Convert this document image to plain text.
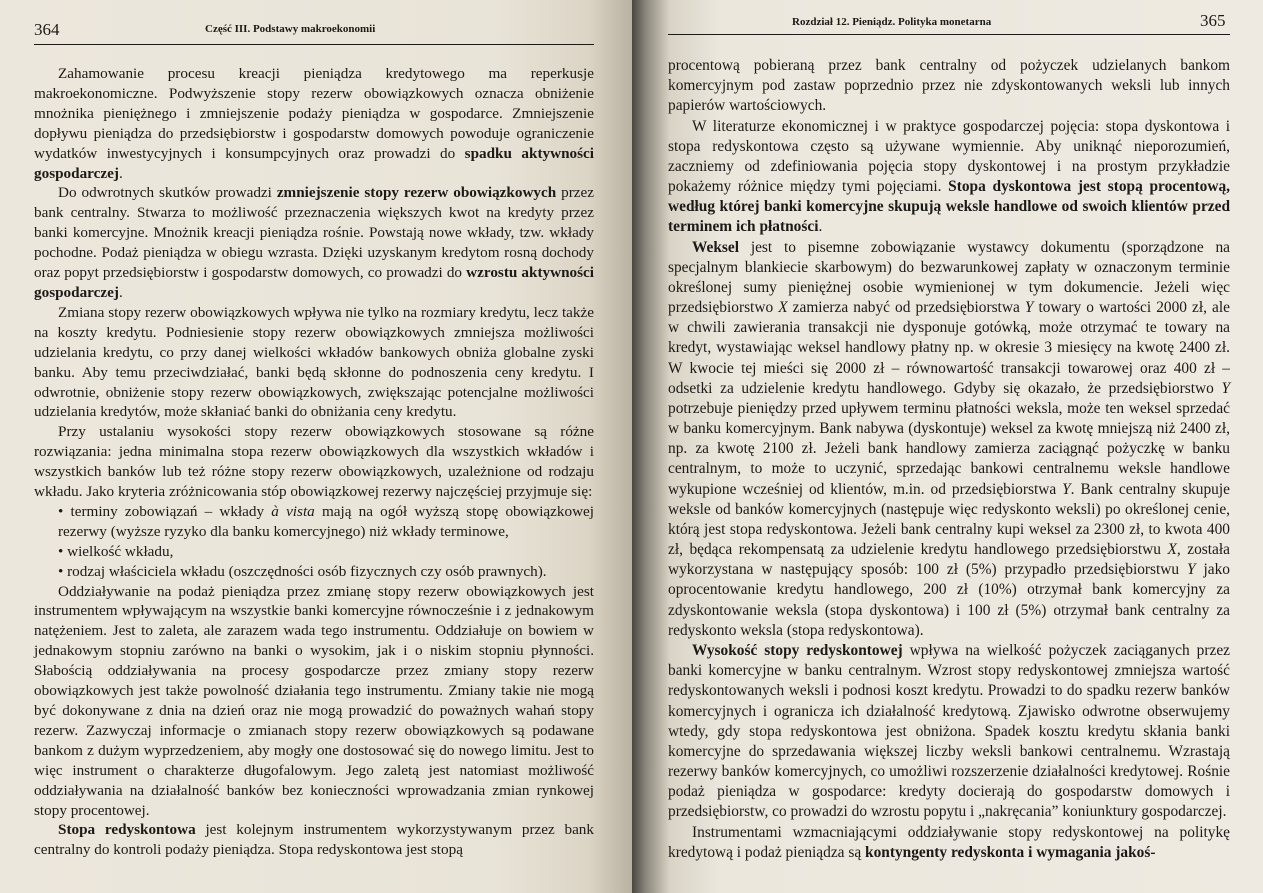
364	Część III. Podstawy makroekonomii

Zahamowanie procesu kreacji pieniądza kredytowego ma reperkusje makroekonomiczne. Podwyższenie stopy rezerw obowiązkowych oznacza obniżenie mnożnika pieniężnego i zmniejszenie podaży pieniądza w gospodarce. Zmniejszenie dopływu pieniądza do przedsiębiorstw i gospodarstw domowych powoduje ograniczenie wydatków inwestycyjnych i konsumpcyjnych oraz prowadzi do spadku aktywności gospodarczej.

Do odwrotnych skutków prowadzi zmniejszenie stopy rezerw obowiązkowych przez bank centralny. Stwarza to możliwość przeznaczenia większych kwot na kredyty przez banki komercyjne. Mnożnik kreacji pieniądza rośnie. Powstają nowe wkłady, tzw. wkłady pochodne. Podaż pieniądza w obiegu wzrasta. Dzięki uzyskanym kredytom rosną dochody oraz popyt przedsiębiorstw i gospodarstw domowych, co prowadzi do wzrostu aktywności gospodarczej.

Zmiana stopy rezerw obowiązkowych wpływa nie tylko na rozmiary kredytu, lecz także na koszty kredytu. Podniesienie stopy rezerw obowiązkowych zmniejsza możliwości udzielania kredytu, co przy danej wielkości wkładów bankowych obniża globalne zyski banku. Aby temu przeciwdziałać, banki będą skłonne do podnoszenia ceny kredytu. I odwrotnie, obniżenie stopy rezerw obowiązkowych, zwiększając potencjalne możliwości udzielania kredytów, może skłaniać banki do obniżania ceny kredytu.

Przy ustalaniu wysokości stopy rezerw obowiązkowych stosowane są różne rozwiązania: jedna minimalna stopa rezerw obowiązkowych dla wszystkich wkładów i wszystkich banków lub też różne stopy rezerw obowiązkowych, uzależnione od rodzaju wkładu. Jako kryteria zróżnicowania stóp obowiązkowej rezerwy najczęściej przyjmuje się:

• terminy zobowiązań – wkłady à vista mają na ogół wyższą stopę obowiązkowej rezerwy (wyższe ryzyko dla banku komercyjnego) niż wkłady terminowe,

• wielkość wkładu,

• rodzaj właściciela wkładu (oszczędności osób fizycznych czy osób prawnych).

Oddziaływanie na podaż pieniądza przez zmianę stopy rezerw obowiązkowych jest instrumentem wpływającym na wszystkie banki komercyjne równocześnie i z jednakowym natężeniem. Jest to zaleta, ale zarazem wada tego instrumentu. Oddziałuje on bowiem w jednakowym stopniu zarówno na banki o wysokim, jak i o niskim stopniu płynności. Słabością oddziaływania na procesy gospodarcze przez zmiany stopy rezerw obowiązkowych jest także powolność działania tego instrumentu. Zmiany takie nie mogą być dokonywane z dnia na dzień oraz nie mogą prowadzić do poważnych wahań stopy rezerw. Zazwyczaj informacje o zmianach stopy rezerw obowiązkowych są podawane bankom z dużym wyprzedzeniem, aby mogły one dostosować się do nowego limitu. Jest to więc instrument o charakterze długofalowym. Jego zaletą jest natomiast możliwość oddziaływania na działalność banków bez konieczności wprowadzania zmian rynkowej stopy procentowej.

Stopa redyskontowa jest kolejnym instrumentem wykorzystywanym przez bank centralny do kontroli podaży pieniądza. Stopa redyskontowa jest stopą

Rozdział 12. Pieniądz. Polityka monetarna	365

procentową pobieraną przez bank centralny od pożyczek udzielanych bankom komercyjnym pod zastaw poprzednio przez nie zdyskontowanych weksli lub innych papierów wartościowych.

W literaturze ekonomicznej i w praktyce gospodarczej pojęcia: stopa dyskontowa i stopa redyskontowa często są używane wymiennie. Aby uniknąć nieporozumień, zaczniemy od zdefiniowania pojęcia stopy dyskontowej i na prostym przykładzie pokażemy różnice między tymi pojęciami. Stopa dyskontowa jest stopą procentową, według której banki komercyjne skupują weksle handlowe od swoich klientów przed terminem ich płatności.

Weksel jest to pisemne zobowiązanie wystawcy dokumentu (sporządzone na specjalnym blankiecie skarbowym) do bezwarunkowej zapłaty w oznaczonym terminie określonej sumy pieniężnej osobie wymienionej w tym dokumencie. Jeżeli więc przedsiębiorstwo X zamierza nabyć od przedsiębiorstwa Y towary o wartości 2000 zł, ale w chwili zawierania transakcji nie dysponuje gotówką, może otrzymać te towary na kredyt, wystawiając weksel handlowy płatny np. w okresie 3 miesięcy na kwotę 2400 zł. W kwocie tej mieści się 2000 zł – równowartość transakcji towarowej oraz 400 zł – odsetki za udzielenie kredytu handlowego. Gdyby się okazało, że przedsiębiorstwo Y potrzebuje pieniędzy przed upływem terminu płatności weksla, może ten weksel sprzedać w banku komercyjnym. Bank nabywa (dyskontuje) weksel za kwotę mniejszą niż 2400 zł, np. za kwotę 2100 zł. Jeżeli bank handlowy zamierza zaciągnąć pożyczkę w banku centralnym, to może to uczynić, sprzedając bankowi centralnemu weksle handlowe wykupione wcześniej od klientów, m.in. od przedsiębiorstwa Y. Bank centralny skupuje weksle od banków komercyjnych (następuje więc redyskonto weksli) po określonej cenie, którą jest stopa redyskontowa. Jeżeli bank centralny kupi weksel za 2300 zł, to kwota 400 zł, będąca rekompensatą za udzielenie kredytu handlowego przedsiębiorstwu X, została wykorzystana w następujący sposób: 100 zł (5%) przypadło przedsiębiorstwu Y jako oprocentowanie kredytu handlowego, 200 zł (10%) otrzymał bank komercyjny za zdyskontowanie weksla (stopa dyskontowa) i 100 zł (5%) otrzymał bank centralny za redyskonto weksla (stopa redyskontowa).

Wysokość stopy redyskontowej wpływa na wielkość pożyczek zaciąganych przez banki komercyjne w banku centralnym. Wzrost stopy redyskontowej zmniejsza wartość redyskontowanych weksli i podnosi koszt kredytu. Prowadzi to do spadku rezerw banków komercyjnych i ogranicza ich działalność kredytową. Zjawisko odwrotne obserwujemy wtedy, gdy stopa redyskontowa jest obniżona. Spadek kosztu kredytu skłania banki komercyjne do sprzedawania większej liczby weksli bankowi centralnemu. Wzrastają rezerwy banków komercyjnych, co umożliwi rozszerzenie działalności kredytowej. Rośnie podaż pieniądza w gospodarce: kredyty docierają do gospodarstw domowych i przedsiębiorstw, co prowadzi do wzrostu popytu i „nakręcania” koniunktury gospodarczej.

Instrumentami wzmacniającymi oddziaływanie stopy redyskontowej na politykę kredytową i podaż pieniądza są kontyngenty redyskonta i wymagania jakoś-
